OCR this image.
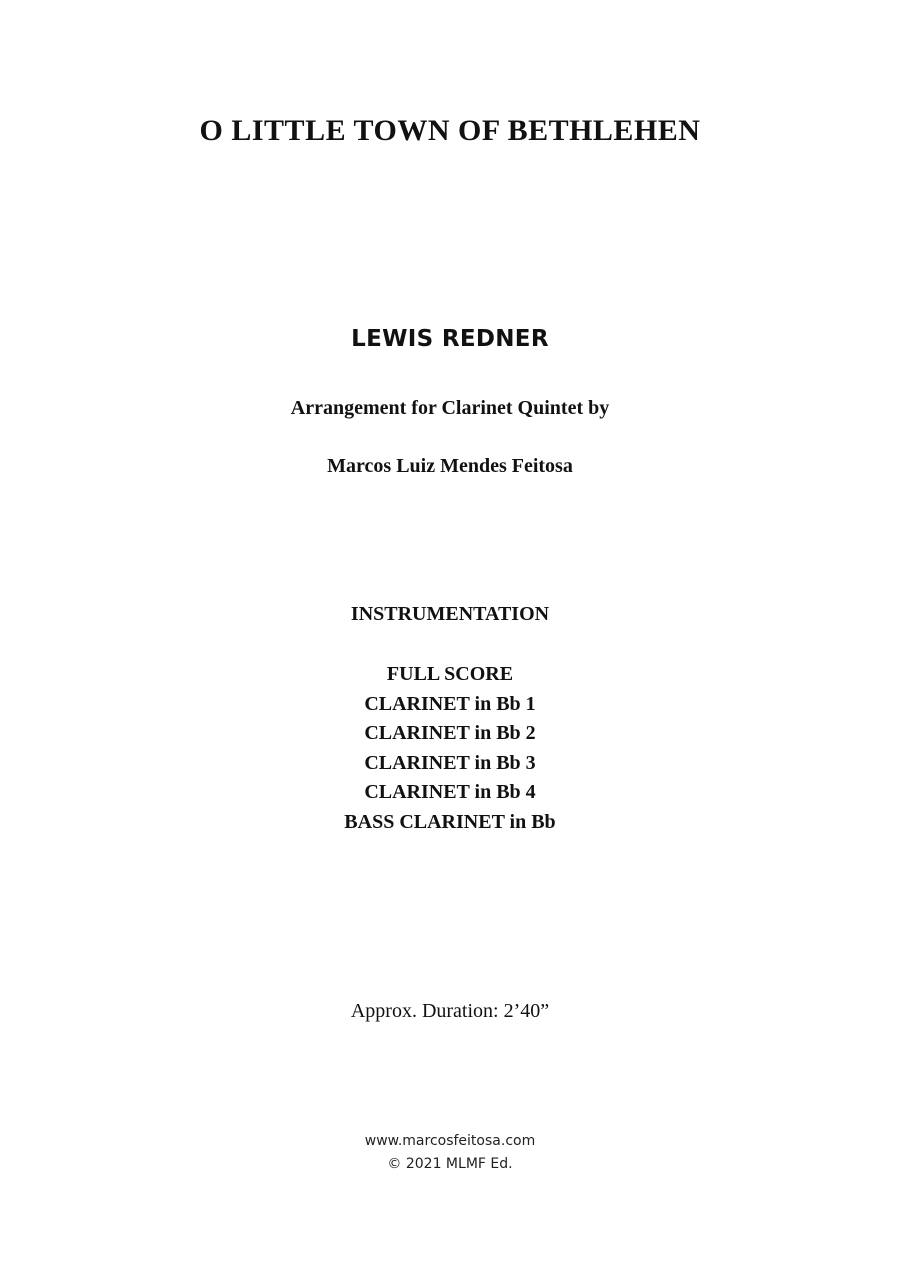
O LITTLE TOWN OF BETHLEHEN
LEWIS REDNER
Arrangement for Clarinet Quintet by
Marcos Luiz Mendes Feitosa
INSTRUMENTATION
FULL SCORE
CLARINET in Bb 1
CLARINET in Bb 2
CLARINET in Bb 3
CLARINET in Bb 4
BASS CLARINET in Bb
Approx. Duration: 2’40”
www.marcosfeitosa.com
© 2021 MLMF Ed.
